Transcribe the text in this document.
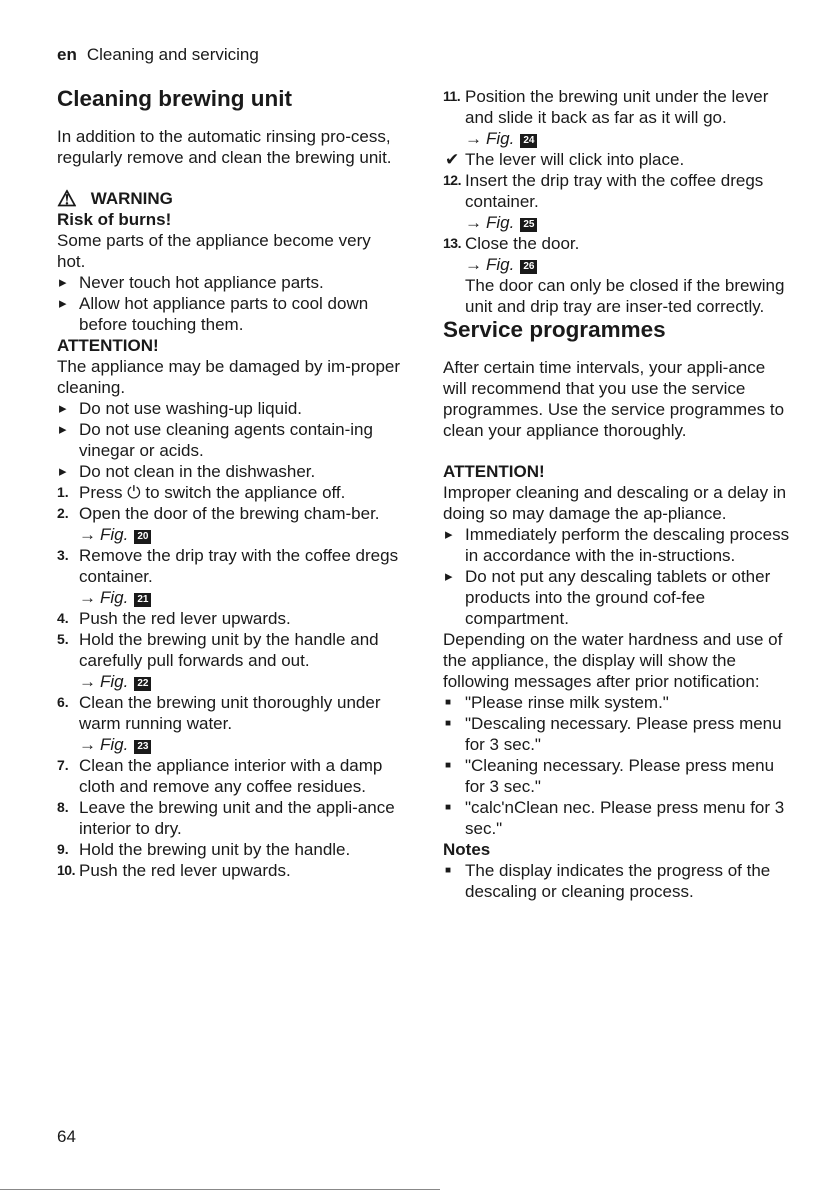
en Cleaning and servicing
Cleaning brewing unit

In addition to the automatic rinsing pro-cess, regularly remove and clean the brewing unit.

⚠ WARNING

Risk of burns!

Some parts of the appliance become very hot.

▸ Never touch hot appliance parts.
▸ Allow hot appliance parts to cool down before touching them.

ATTENTION!

The appliance may be damaged by im-proper cleaning.

▸ Do not use washing-up liquid.
▸ Do not use cleaning agents contain-ing vinegar or acids.
▸ Do not clean in the dishwasher.
1. Press ⏻ to switch the appliance off.
2. Open the door of the brewing cham-ber.
→ Fig. 20
3. Remove the drip tray with the coffee dregs container.
→ Fig. 21
4. Push the red lever upwards.
5. Hold the brewing unit by the handle and carefully pull forwards and out.
→ Fig. 22
6. Clean the brewing unit thoroughly under warm running water.
→ Fig. 23
7. Clean the appliance interior with a damp cloth and remove any coffee residues.
8. Leave the brewing unit and the appli-ance interior to dry.
9. Hold the brewing unit by the handle.
10. Push the red lever upwards.
11. Position the brewing unit under the lever and slide it back as far as it will go.
→ Fig. 24
✔ The lever will click into place.
12. Insert the drip tray with the coffee dregs container.
→ Fig. 25
13. Close the door.
→ Fig. 26
The door can only be closed if the brewing unit and drip tray are inser-ted correctly.
Service programmes

After certain time intervals, your appli-ance will recommend that you use the service programmes. Use the service programmes to clean your appliance thoroughly.

ATTENTION!

Improper cleaning and descaling or a delay in doing so may damage the ap-pliance.

▸ Immediately perform the descaling process in accordance with the in-structions.
▸ Do not put any descaling tablets or other products into the ground cof-fee compartment.

Depending on the water hardness and use of the appliance, the display will show the following messages after prior notification:

■ "Please rinse milk system."
■ "Descaling necessary. Please press menu for 3 sec."
■ "Cleaning necessary. Please press menu for 3 sec."
■ "calc'nClean nec. Please press menu for 3 sec."

Notes

■ The display indicates the progress of the descaling or cleaning process.
64
